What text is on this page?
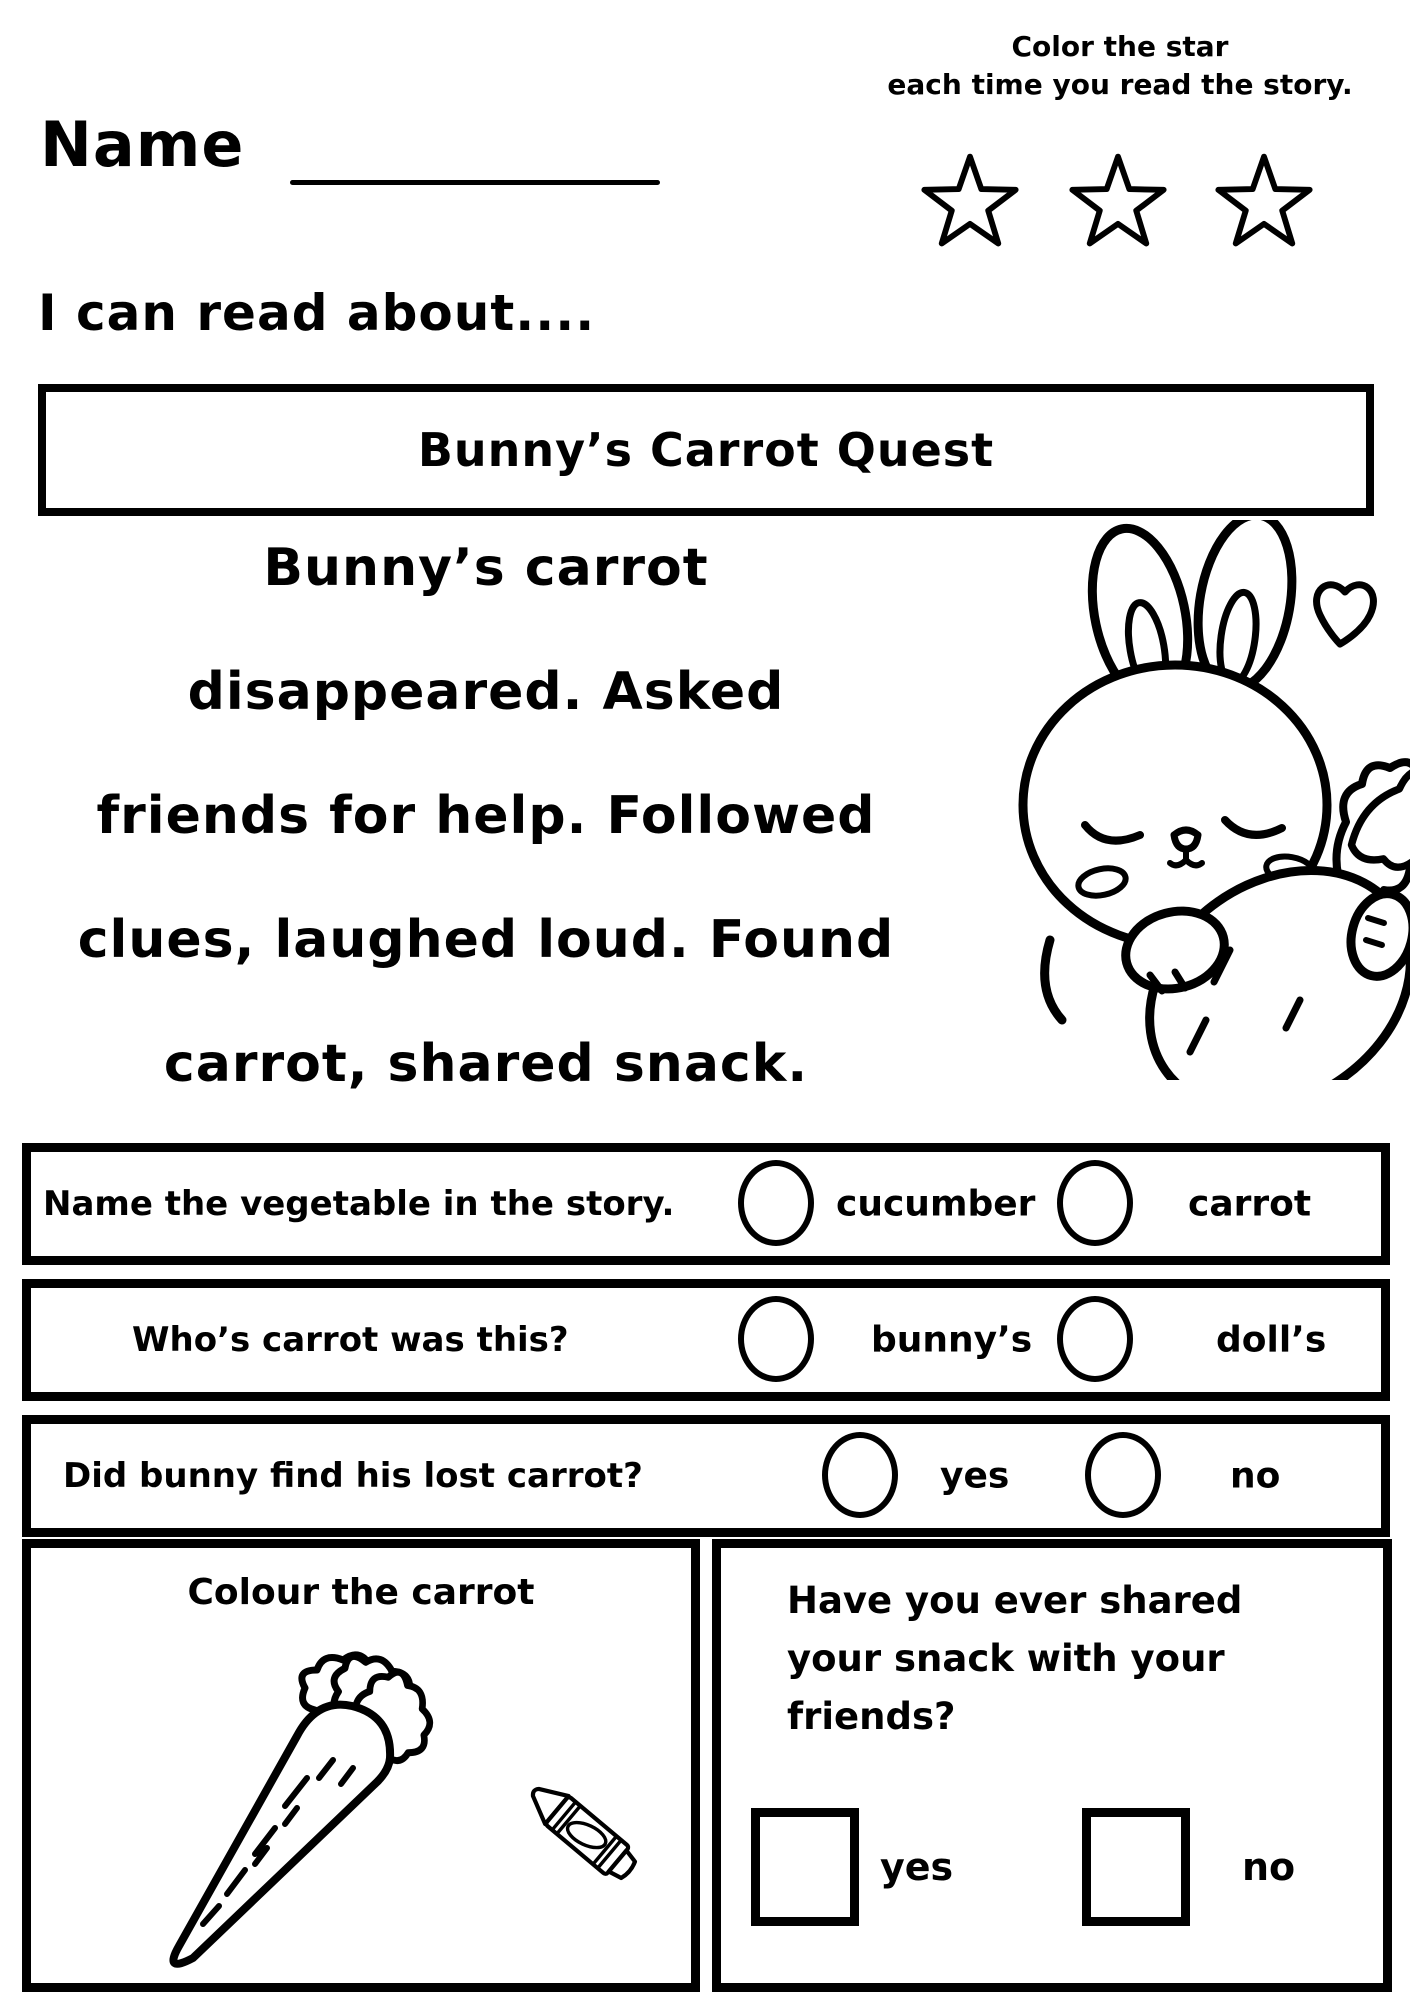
Name
Color the star
each time you read the story.
I can read about....
Bunny’s Carrot Quest
Bunny’s carrot
disappeared. Asked
friends for help. Followed
clues, laughed loud. Found
carrot, shared snack.
Name the vegetable in the story.	cucumber	carrot
Who’s carrot was this?	bunny’s	doll’s
Did bunny find his lost carrot?	yes	no
Colour the carrot	Have you ever shared
your snack with your
friends?
yes	no
